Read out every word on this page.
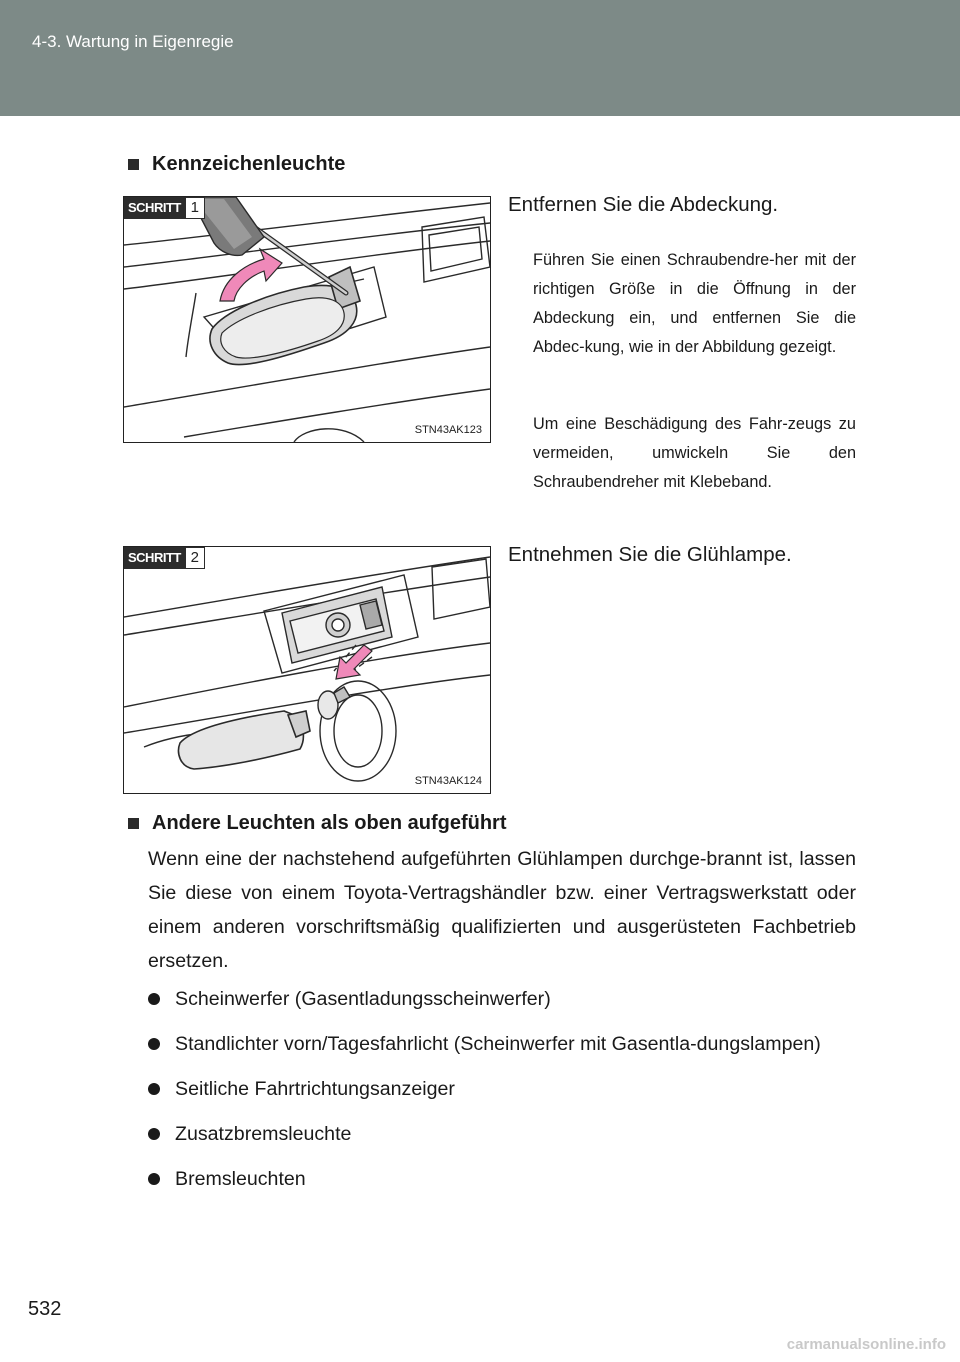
4-3. Wartung in Eigenregie
Kennzeichenleuchte
SCHRITT 1
STN43AK123
Entfernen Sie die Abdeckung.

Führen Sie einen Schraubendre-her mit der richtigen Größe in die Öffnung in der Abdeckung ein, und entfernen Sie die Abdec-kung, wie in der Abbildung gezeigt.

Um eine Beschädigung des Fahr-zeugs zu vermeiden, umwickeln Sie den Schraubendreher mit Klebeband.

SCHRITT 2
STN43AK124
Entnehmen Sie die Glühlampe.
Andere Leuchten als oben aufgeführt

Wenn eine der nachstehend aufgeführten Glühlampen durchge-brannt ist, lassen Sie diese von einem Toyota-Vertragshändler bzw. einer Vertragswerkstatt oder einem anderen vorschriftsmäßig qualifizierten und ausgerüsteten Fachbetrieb ersetzen.

Scheinwerfer (Gasentladungsscheinwerfer)
Standlichter vorn/Tagesfahrlicht (Scheinwerfer mit Gasentla-dungslampen)
Seitliche Fahrtrichtungsanzeiger
Zusatzbremsleuchte
Bremsleuchten
532
carmanualsonline.info
